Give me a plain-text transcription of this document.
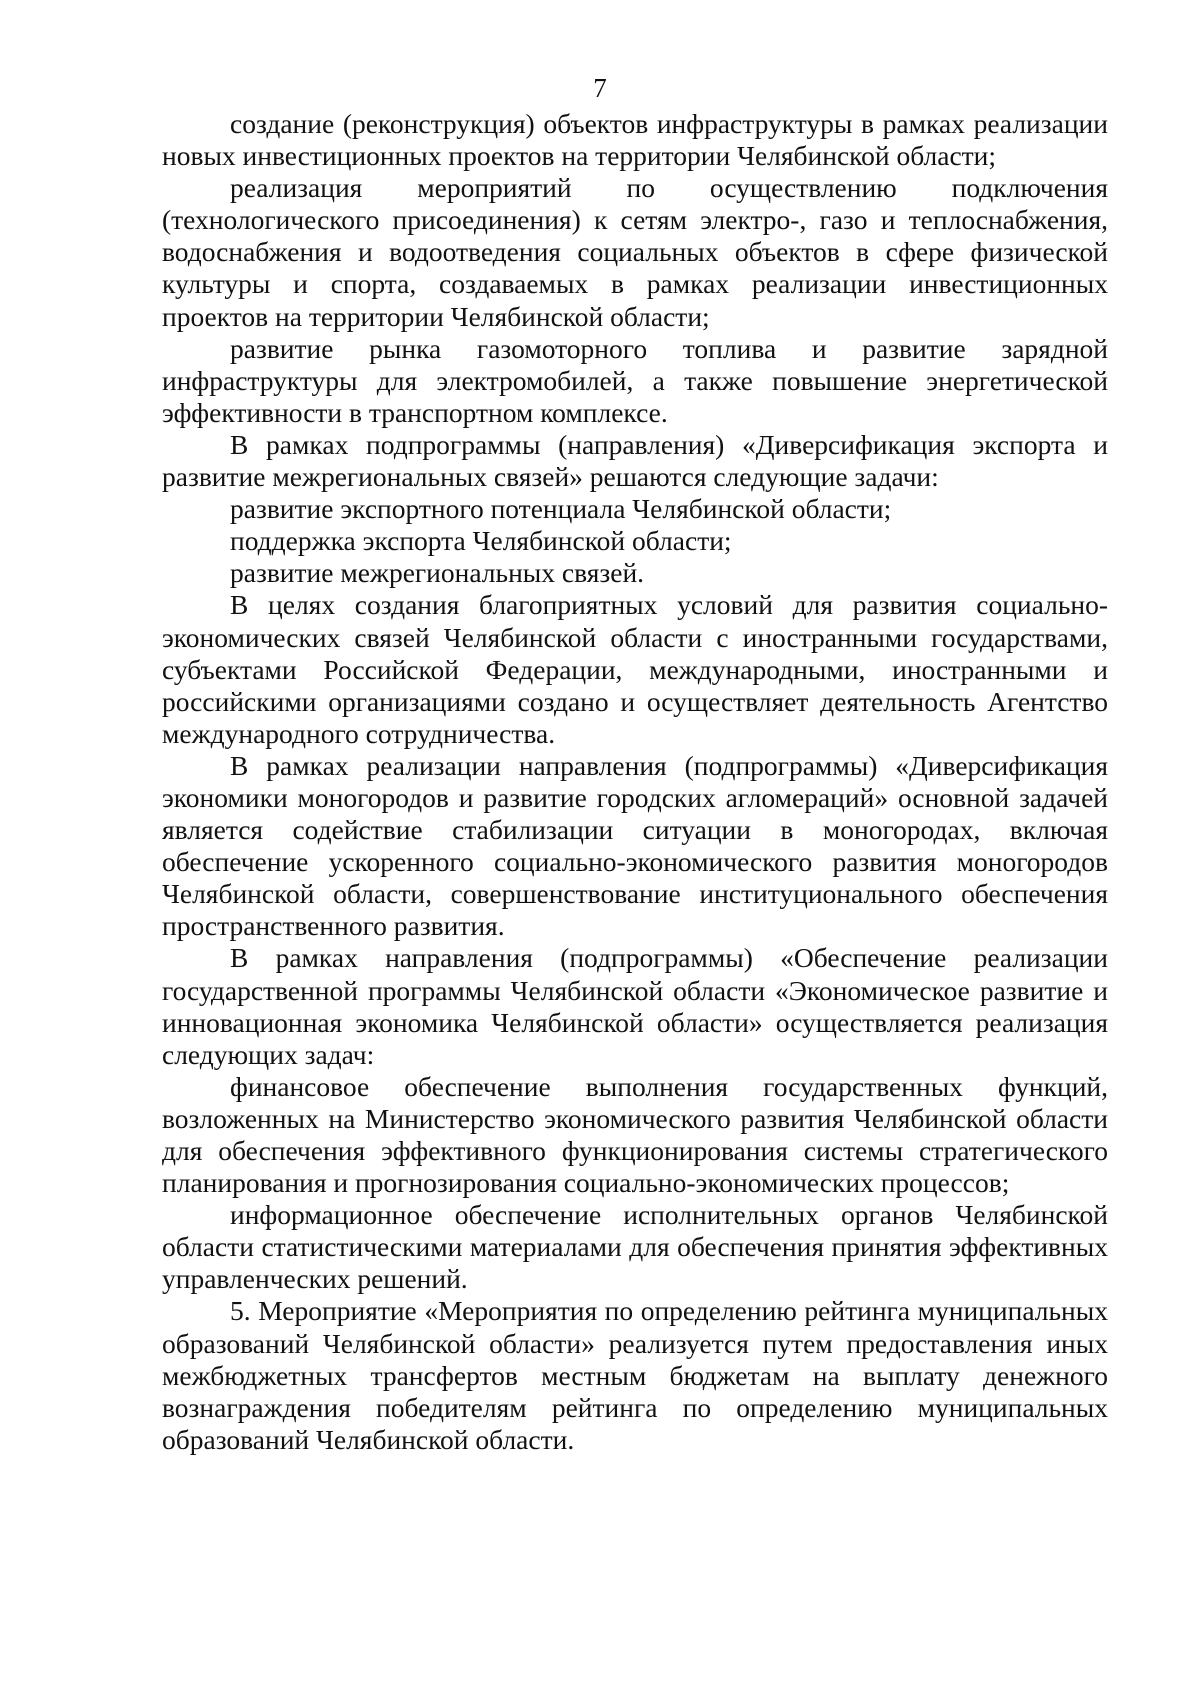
7

создание (реконструкция) объектов инфраструктуры в рамках реализации новых инвестиционных проектов на территории Челябинской области;

реализация мероприятий по осуществлению подключения (технологического присоединения) к сетям электро-, газо и теплоснабжения, водоснабжения и водоотведения социальных объектов в сфере физической культуры и спорта, создаваемых в рамках реализации инвестиционных проектов на территории Челябинской области;

развитие рынка газомоторного топлива и развитие зарядной инфраструктуры для электромобилей, а также повышение энергетической эффективности в транспортном комплексе.

В рамках подпрограммы (направления) «Диверсификация экспорта и развитие межрегиональных связей» решаются следующие задачи:

развитие экспортного потенциала Челябинской области;

поддержка экспорта Челябинской области;

развитие межрегиональных связей.

В целях создания благоприятных условий для развития социально-экономических связей Челябинской области с иностранными государствами, субъектами Российской Федерации, международными, иностранными и российскими организациями создано и осуществляет деятельность Агентство международного сотрудничества.

В рамках реализации направления (подпрограммы) «Диверсификация экономики моногородов и развитие городских агломераций» основной задачей является содействие стабилизации ситуации в моногородах, включая обеспечение ускоренного социально-экономического развития моногородов Челябинской области, совершенствование институционального обеспечения пространственного развития.

В рамках направления (подпрограммы) «Обеспечение реализации государственной программы Челябинской области «Экономическое развитие и инновационная экономика Челябинской области» осуществляется реализация следующих задач:

финансовое обеспечение выполнения государственных функций, возложенных на Министерство экономического развития Челябинской области для обеспечения эффективного функционирования системы стратегического планирования и прогнозирования социально-экономических процессов;

информационное обеспечение исполнительных органов Челябинской области статистическими материалами для обеспечения принятия эффективных управленческих решений.

5. Мероприятие «Мероприятия по определению рейтинга муниципальных образований Челябинской области» реализуется путем предоставления иных межбюджетных трансфертов местным бюджетам на выплату денежного вознаграждения победителям рейтинга по определению муниципальных образований Челябинской области.
